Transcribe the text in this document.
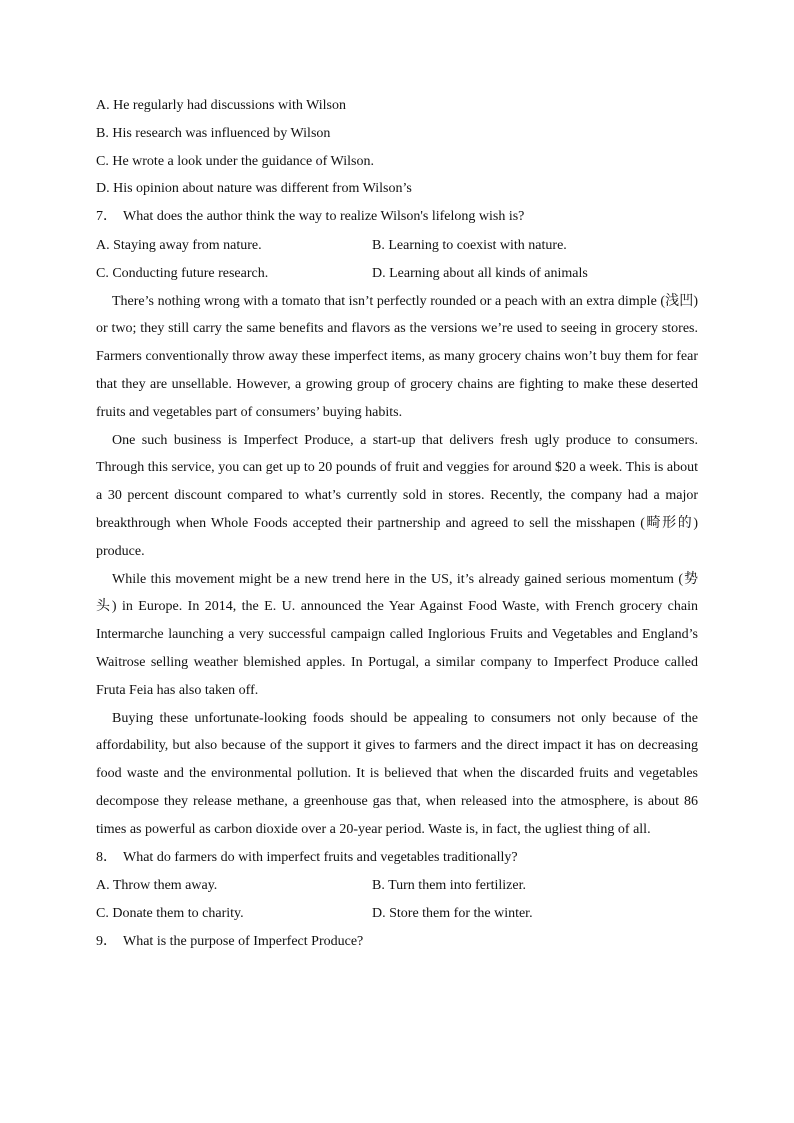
A. He regularly had discussions with Wilson
B. His research was influenced by Wilson
C. He wrote a look under the guidance of Wilson.
D. His opinion about nature was different from Wilson’s
7． What does the author think the way to realize Wilson's lifelong wish is?
A. Staying away from nature.	B. Learning to coexist with nature.
C. Conducting future research.	D. Learning about all kinds of animals

There’s nothing wrong with a tomato that isn’t perfectly rounded or a peach with an extra dimple (浅凹) or two; they still carry the same benefits and flavors as the versions we’re used to seeing in grocery stores. Farmers conventionally throw away these imperfect items, as many grocery chains won’t buy them for fear that they are unsellable. However, a growing group of grocery chains are fighting to make these deserted fruits and vegetables part of consumers’ buying habits.

One such business is Imperfect Produce, a start-up that delivers fresh ugly produce to consumers. Through this service, you can get up to 20 pounds of fruit and veggies for around $20 a week. This is about a 30 percent discount compared to what’s currently sold in stores. Recently, the company had a major breakthrough when Whole Foods accepted their partnership and agreed to sell the misshapen (畸形的) produce.

While this movement might be a new trend here in the US, it’s already gained serious momentum (势头) in Europe. In 2014, the E. U. announced the Year Against Food Waste, with French grocery chain Intermarche launching a very successful campaign called Inglorious Fruits and Vegetables and England’s Waitrose selling weather blemished apples. In Portugal, a similar company to Imperfect Produce called Fruta Feia has also taken off.

Buying these unfortunate-looking foods should be appealing to consumers not only because of the affordability, but also because of the support it gives to farmers and the direct impact it has on decreasing food waste and the environmental pollution. It is believed that when the discarded fruits and vegetables decompose they release methane, a greenhouse gas that, when released into the atmosphere, is about 86 times as powerful as carbon dioxide over a 20-year period. Waste is, in fact, the ugliest thing of all.

8． What do farmers do with imperfect fruits and vegetables traditionally?
A. Throw them away.	B. Turn them into fertilizer.
C. Donate them to charity.	D. Store them for the winter.
9． What is the purpose of Imperfect Produce?
